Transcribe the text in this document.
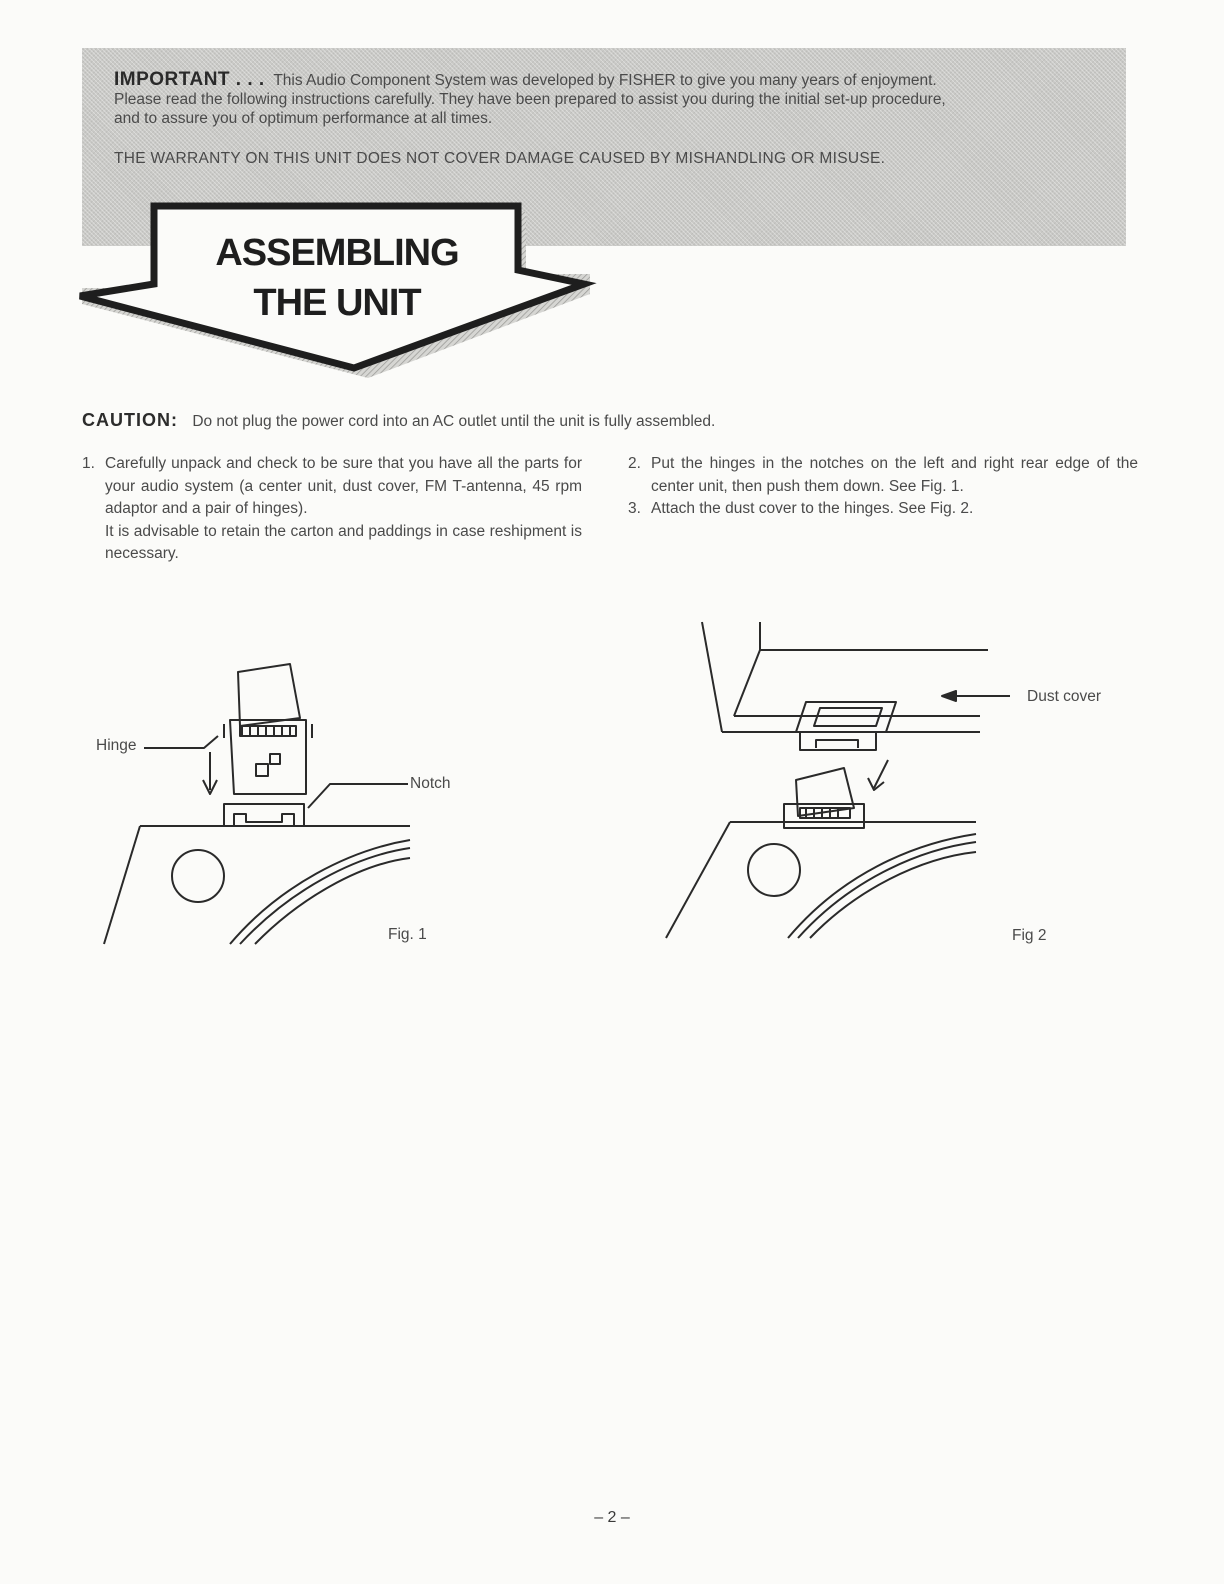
IMPORTANT . . . This Audio Component System was developed by FISHER to give you many years of enjoyment.

Please read the following instructions carefully. They have been prepared to assist you during the initial set-up procedure,

and to assure you of optimum performance at all times.

THE WARRANTY ON THIS UNIT DOES NOT COVER DAMAGE CAUSED BY MISHANDLING OR MISUSE.

ASSEMBLING
THE UNIT
CAUTION: Do not plug the power cord into an AC outlet until the unit is fully assembled.
1. Carefully unpack and check to be sure that you have all the parts for your audio system (a center unit, dust cover, FM T-antenna, 45 rpm adaptor and a pair of hinges).

It is advisable to retain the carton and paddings in case reshipment is necessary.

2. Put the hinges in the notches on the left and right rear edge of the center unit, then push them down. See Fig. 1.

3. Attach the dust cover to the hinges. See Fig. 2.

Hinge
Notch
Fig. 1
Dust cover
Fig 2
– 2 –
